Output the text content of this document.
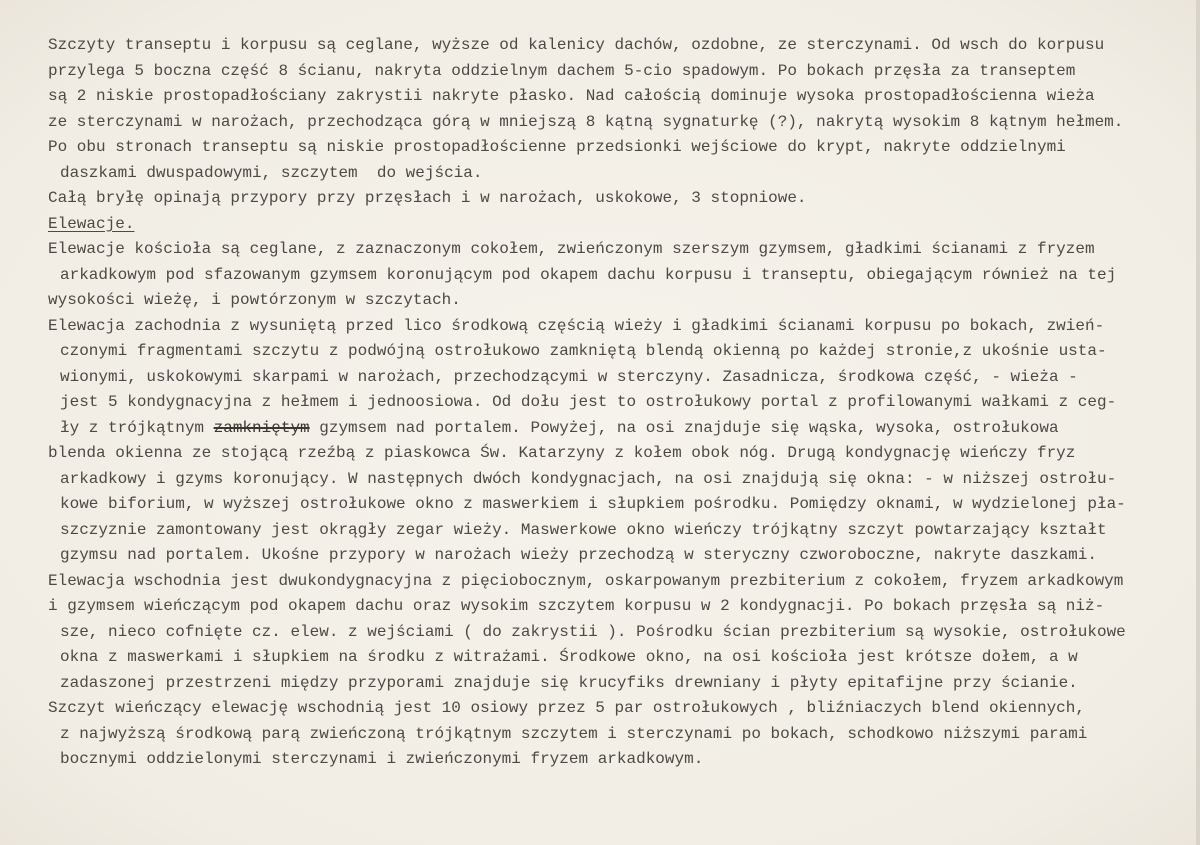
Szczyty transeptu i korpusu są ceglane, wyższe od kalenicy dachów, ozdobne, ze sterczynami. Od wsch do korpusu
przylega 5 boczna część 8 ścianu, nakryta oddzielnym dachem 5-cio spadowym. Po bokach przęsła za transeptem
są 2 niskie prostopadłościany zakrystii nakryte płasko. Nad całością dominuje wysoka prostopadłościenna wieża
ze sterczynami w narożach, przechodząca górą w mniejszą 8 kątną sygnaturkę (?), nakrytą wysokim 8 kątnym hełmem.
Po obu stronach transeptu są niskie prostopadłościenne przedsionki wejściowe do krypt, nakryte oddzielnymi
daszkami dwuspadowymi, szczytem  do wejścia.
Całą bryłę opinają przypory przy przęsłach i w narożach, uskokowe, 3 stopniowe.
Elewacje.
Elewacje kościoła są ceglane, z zaznaczonym cokołem, zwieńczonym szerszym gzymsem, gładkimi ścianami z fryzem
arkadkowym pod sfazowanym gzymsem koronującym pod okapem dachu korpusu i transeptu, obiegającym również na tej
wysokości wieżę, i powtórzonym w szczytach.
Elewacja zachodnia z wysuniętą przed lico środkową częścią wieży i gładkimi ścianami korpusu po bokach, zwień-
czonymi fragmentami szczytu z podwójną ostrołukowo zamkniętą blendą okienną po każdej stronie,z ukośnie usta-
wionymi, uskokowymi skarpami w narożach, przechodzącymi w sterczyny. Zasadnicza, środkowa część, - wieża -
jest 5 kondygnacyjna z hełmem i jednoosiowa. Od dołu jest to ostrołukowy portal z profilowanymi wałkami z ceg-
ły z trójkątnym zamkniętym gzymsem nad portalem. Powyżej, na osi znajduje się wąska, wysoka, ostrołukowa
blenda okienna ze stojącą rzeźbą z piaskowca Św. Katarzyny z kołem obok nóg. Drugą kondygnację wieńczy fryz
arkadkowy i gzyms koronujący. W następnych dwóch kondygnacjach, na osi znajdują się okna: - w niższej ostrołu-
kowe biforium, w wyższej ostrołukowe okno z maswerkiem i słupkiem pośrodku. Pomiędzy oknami, w wydzielonej pła-
szczyznie zamontowany jest okrągły zegar wieży. Maswerkowe okno wieńczy trójkątny szczyt powtarzający kształt
gzymsu nad portalem. Ukośne przypory w narożach wieży przechodzą w steryczny czworoboczne, nakryte daszkami.
Elewacja wschodnia jest dwukondygnacyjna z pięciobocznym, oskarpowanym prezbiterium z cokołem, fryzem arkadkowym
i gzymsem wieńczącym pod okapem dachu oraz wysokim szczytem korpusu w 2 kondygnacji. Po bokach przęsła są niż-
sze, nieco cofnięte cz. elew. z wejściami ( do zakrystii ). Pośrodku ścian prezbiterium są wysokie, ostrołukowe
okna z maswerkami i słupkiem na środku z witrażami. Środkowe okno, na osi kościoła jest krótsze dołem, a w
zadaszonej przestrzeni między przyporami znajduje się krucyfiks drewniany i płyty epitafijne przy ścianie.
Szczyt wieńczący elewację wschodnią jest 10 osiowy przez 5 par ostrołukowych , bliźniaczych blend okiennych,
z najwyższą środkową parą zwieńczoną trójkątnym szczytem i sterczynami po bokach, schodkowo niższymi parami
bocznymi oddzielonymi sterczynami i zwieńczonymi fryzem arkadkowym.
